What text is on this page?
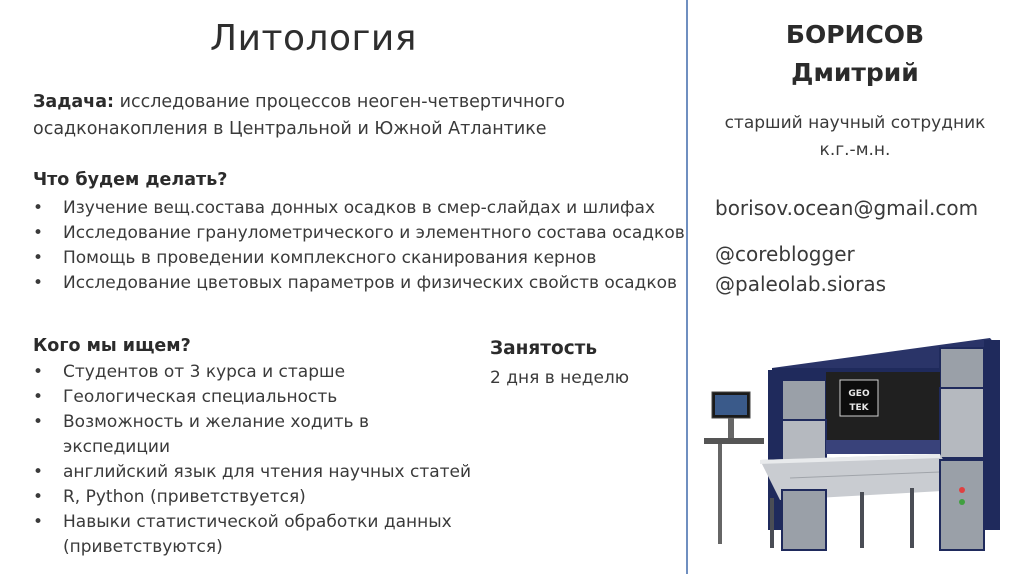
Литология
Задача: исследование процессов неоген-четвертичного осадконакопления в Центральной и Южной Атлантике
Что будем делать?
• Изучение вещ.состава донных осадков в смер-слайдах и шлифах
• Исследование гранулометрического и элементного состава осадков
• Помощь в проведении комплексного сканирования кернов
• Исследование цветовых параметров и физических свойств осадков
Кого мы ищем?
• Студентов от 3 курса и старше
• Геологическая специальность
• Возможность и желание ходить в экспедиции
• английский язык для чтения научных статей
• R, Python (приветствуется)
• Навыки статистической обработки данных (приветствуются)
Занятость
2 дня в неделю
БОРИСОВ
Дмитрий
старший научный сотрудник
к.г.-м.н.
borisov.ocean@gmail.com
@coreblogger
@paleolab.sioras
GEO
TEK
